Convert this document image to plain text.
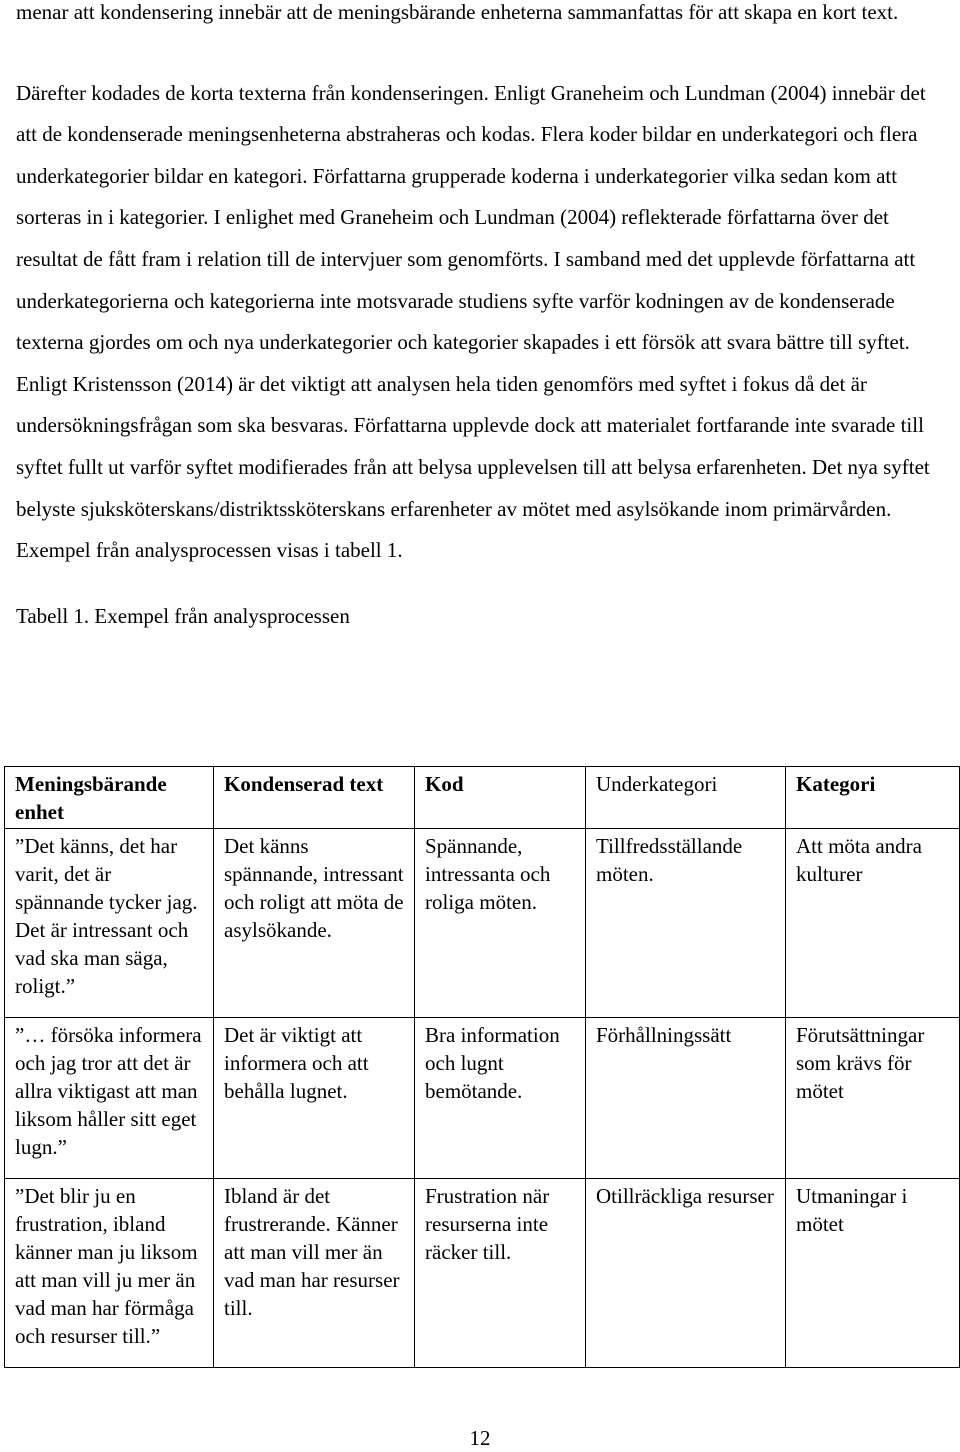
menar att kondensering innebär att de meningsbärande enheterna sammanfattas för att skapa en kort text.

Därefter kodades de korta texterna från kondenseringen. Enligt Graneheim och Lundman (2004) innebär det att de kondenserade meningsenheterna abstraheras och kodas. Flera koder bildar en underkategori och flera underkategorier bildar en kategori. Författarna grupperade koderna i underkategorier vilka sedan kom att sorteras in i kategorier. I enlighet med Graneheim och Lundman (2004) reflekterade författarna över det resultat de fått fram i relation till de intervjuer som genomförts. I samband med det upplevde författarna att underkategorierna och kategorierna inte motsvarade studiens syfte varför kodningen av de kondenserade texterna gjordes om och nya underkategorier och kategorier skapades i ett försök att svara bättre till syftet. Enligt Kristensson (2014) är det viktigt att analysen hela tiden genomförs med syftet i fokus då det är undersökningsfrågan som ska besvaras. Författarna upplevde dock att materialet fortfarande inte svarade till syftet fullt ut varför syftet modifierades från att belysa upplevelsen till att belysa erfarenheten. Det nya syftet belyste sjuksköterskans/distriktssköterskans erfarenheter av mötet med asylsökande inom primärvården. Exempel från analysprocessen visas i tabell 1.

Tabell 1. Exempel från analysprocessen

Meningsbärande enhet	Kondenserad text	Kod	Underkategori	Kategori
”Det känns, det har varit, det är spännande tycker jag. Det är intressant och vad ska man säga, roligt.”	Det känns spännande, intressant och roligt att möta de asylsökande.	Spännande, intressanta och roliga möten.	Tillfredsställande möten.	Att möta andra kulturer
”… försöka informera och jag tror att det är allra viktigast att man liksom håller sitt eget lugn.”	Det är viktigt att informera och att behålla lugnet.	Bra information och lugnt bemötande.	Förhållningssätt	Förutsättningar som krävs för mötet
”Det blir ju en frustration, ibland känner man ju liksom att man vill ju mer än vad man har förmåga och resurser till.”	Ibland är det frustrerande. Känner att man vill mer än vad man har resurser till.	Frustration när resurserna inte räcker till.	Otillräckliga resurser	Utmaningar i mötet
12
